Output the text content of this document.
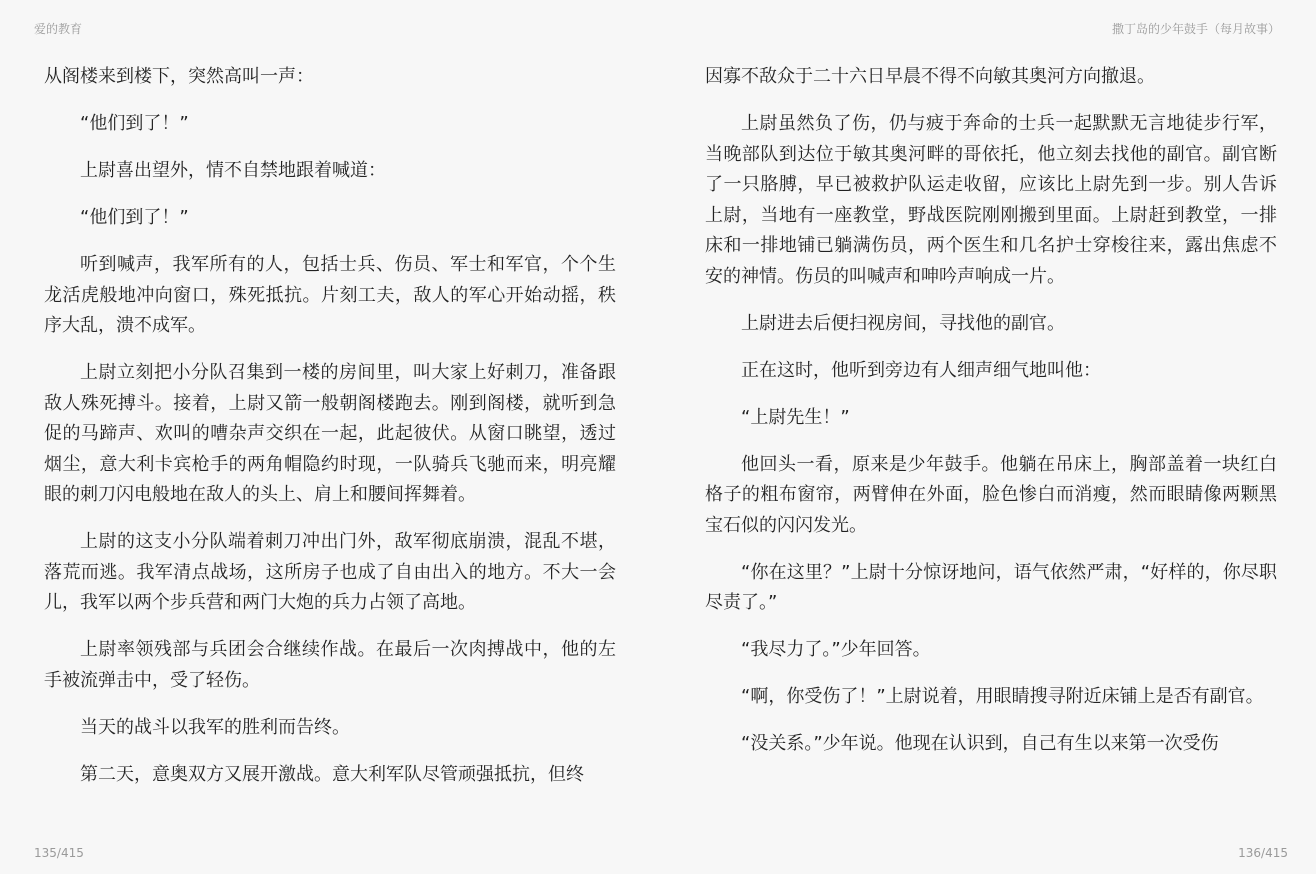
爱的教育	撒丁岛的少年鼓手（每月故事）

从阁楼来到楼下，突然高叫一声：

“他们到了！”

上尉喜出望外，情不自禁地跟着喊道：

“他们到了！”

听到喊声，我军所有的人，包括士兵、伤员、军士和军官，个个生龙活虎般地冲向窗口，殊死抵抗。片刻工夫，敌人的军心开始动摇，秩序大乱，溃不成军。

上尉立刻把小分队召集到一楼的房间里，叫大家上好刺刀，准备跟敌人殊死搏斗。接着，上尉又箭一般朝阁楼跑去。刚到阁楼，就听到急促的马蹄声、欢叫的嘈杂声交织在一起，此起彼伏。从窗口眺望，透过烟尘，意大利卡宾枪手的两角帽隐约时现，一队骑兵飞驰而来，明亮耀眼的刺刀闪电般地在敌人的头上、肩上和腰间挥舞着。

上尉的这支小分队端着刺刀冲出门外，敌军彻底崩溃，混乱不堪，落荒而逃。我军清点战场，这所房子也成了自由出入的地方。不大一会儿，我军以两个步兵营和两门大炮的兵力占领了高地。

上尉率领残部与兵团会合继续作战。在最后一次肉搏战中，他的左手被流弹击中，受了轻伤。

当天的战斗以我军的胜利而告终。

第二天，意奥双方又展开激战。意大利军队尽管顽强抵抗，但终

因寡不敌众于二十六日早晨不得不向敏其奥河方向撤退。

上尉虽然负了伤，仍与疲于奔命的士兵一起默默无言地徒步行军，当晚部队到达位于敏其奥河畔的哥依托，他立刻去找他的副官。副官断了一只胳膊，早已被救护队运走收留，应该比上尉先到一步。别人告诉上尉，当地有一座教堂，野战医院刚刚搬到里面。上尉赶到教堂，一排床和一排地铺已躺满伤员，两个医生和几名护士穿梭往来，露出焦虑不安的神情。伤员的叫喊声和呻吟声响成一片。

上尉进去后便扫视房间，寻找他的副官。

正在这时，他听到旁边有人细声细气地叫他：

“上尉先生！”

他回头一看，原来是少年鼓手。他躺在吊床上，胸部盖着一块红白格子的粗布窗帘，两臂伸在外面，脸色惨白而消瘦，然而眼睛像两颗黑宝石似的闪闪发光。

“你在这里？”上尉十分惊讶地问，语气依然严肃，“好样的，你尽职尽责了。”

“我尽力了。”少年回答。

“啊，你受伤了！”上尉说着，用眼睛搜寻附近床铺上是否有副官。

“没关系。”少年说。他现在认识到，自己有生以来第一次受伤

135/415	136/415
